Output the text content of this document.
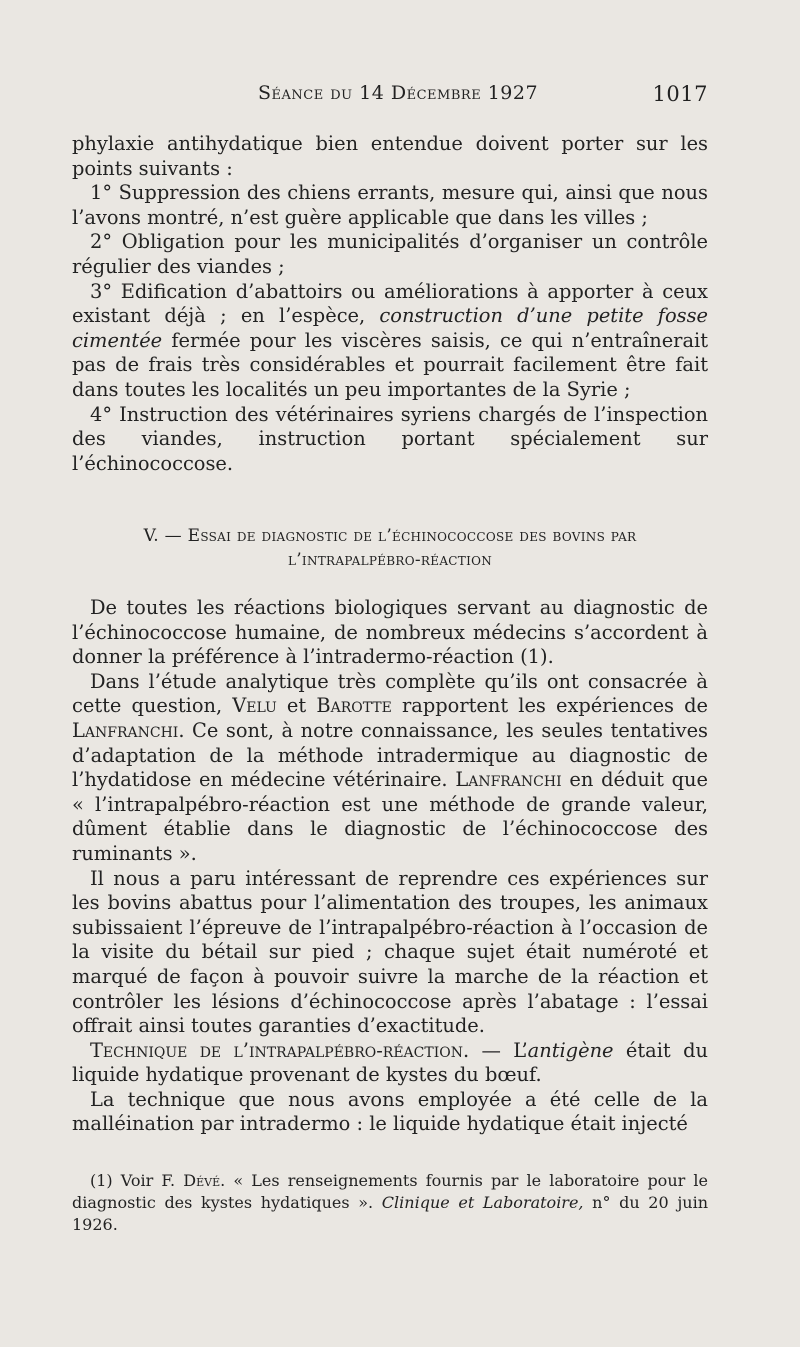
Séance du 14 Décembre 1927	1017

phylaxie antihydatique bien entendue doivent porter sur les points suivants :

1° Suppression des chiens errants, mesure qui, ainsi que nous l’avons montré, n’est guère applicable que dans les villes ;

2° Obligation pour les municipalités d’organiser un contrôle régulier des viandes ;

3° Edification d’abattoirs ou améliorations à apporter à ceux existant déjà ; en l’espèce, construction d’une petite fosse cimentée fermée pour les viscères saisis, ce qui n’entraînerait pas de frais très considérables et pourrait facilement être fait dans toutes les localités un peu importantes de la Syrie ;

4° Instruction des vétérinaires syriens chargés de l’inspection des viandes, instruction portant spécialement sur l’échinococcose.

V. — Essai de diagnostic de l’échinococcose des bovins par
l’intrapalpébro-réaction

De toutes les réactions biologiques servant au diagnostic de l’échinococcose humaine, de nombreux médecins s’accordent à donner la préférence à l’intradermo-réaction (1).

Dans l’étude analytique très complète qu’ils ont consacrée à cette question, Velu et Barotte rapportent les expériences de Lanfranchi. Ce sont, à notre connaissance, les seules tentatives d’adaptation de la méthode intradermique au diagnostic de l’hydatidose en médecine vétérinaire. Lanfranchi en déduit que « l’intrapalpébro-réaction est une méthode de grande valeur, dûment établie dans le diagnostic de l’échinococcose des ruminants ».

Il nous a paru intéressant de reprendre ces expériences sur les bovins abattus pour l’alimentation des troupes, les animaux subissaient l’épreuve de l’intrapalpébro-réaction à l’occasion de la visite du bétail sur pied ; chaque sujet était numéroté et marqué de façon à pouvoir suivre la marche de la réaction et contrôler les lésions d’échinococcose après l’abatage : l’essai offrait ainsi toutes garanties d’exactitude.

Technique de l’intrapalpébro-réaction. — L’antigène était du liquide hydatique provenant de kystes du bœuf.

La technique que nous avons employée a été celle de la malléination par intradermo : le liquide hydatique était injecté

(1) Voir F. Dévé. « Les renseignements fournis par le laboratoire pour le diagnostic des kystes hydatiques ». Clinique et Laboratoire, n° du 20 juin 1926.
